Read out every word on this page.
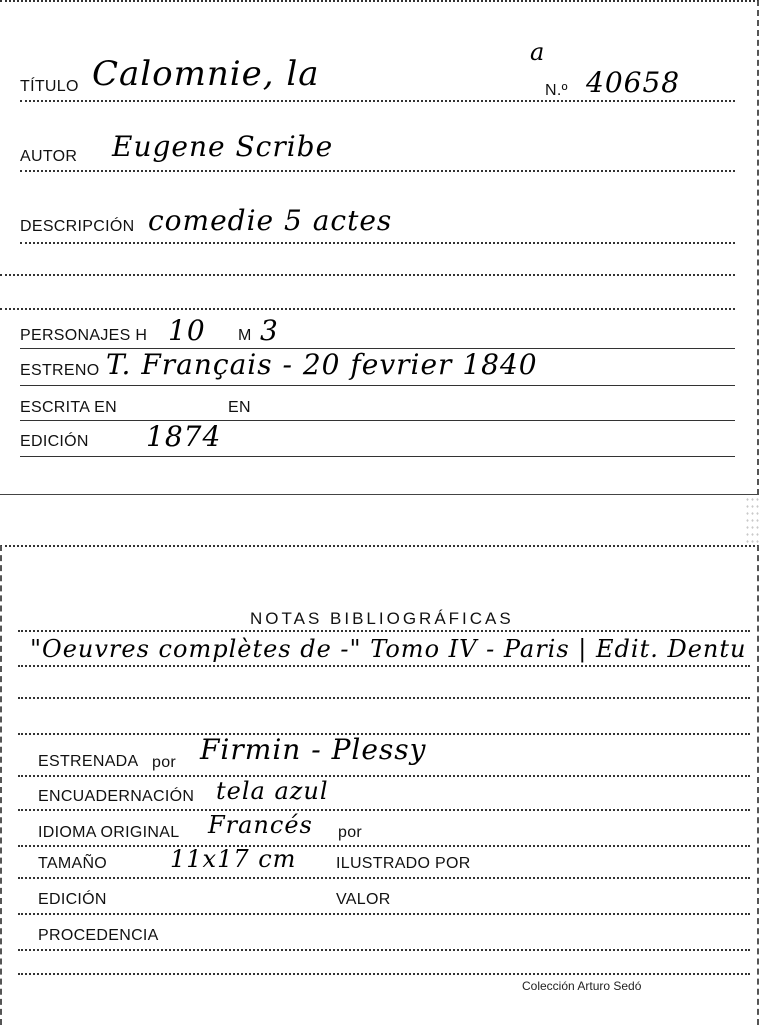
TÍTULO Calomnie, la
a
N.º 40658
AUTOR Eugene Scribe
DESCRIPCIÓN comedie 5 actes
PERSONAJES H 10 M 3
ESTRENO T. Français - 20 fevrier 1840
ESCRITA EN	EN
EDICIÓN 1874
NOTAS BIBLIOGRÁFICAS
"Oeuvres complètes de -" Tomo IV - Paris | Edit. Dentu
ESTRENADA por Firmin - Plessy
ENCUADERNACIÓN tela azul
IDIOMA ORIGINAL Francés por
TAMAÑO	11x17 cm ILUSTRADO POR
EDICIÓN	VALOR
PROCEDENCIA
Colección Arturo Sedó
